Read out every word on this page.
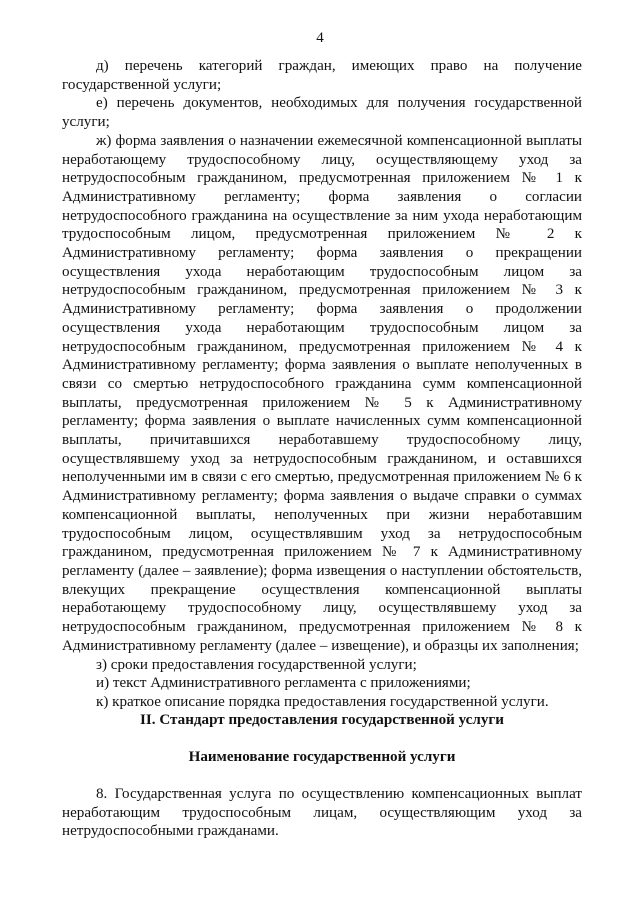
4

д) перечень категорий граждан, имеющих право на получение государственной услуги;

е) перечень документов, необходимых для получения государственной услуги;

ж) форма заявления о назначении ежемесячной компенсационной выплаты неработающему трудоспособному лицу, осуществляющему уход за нетрудоспособным гражданином, предусмотренная приложением № 1 к Административному регламенту; форма заявления о согласии нетрудоспособного гражданина на осуществление за ним ухода неработающим трудоспособным лицом, предусмотренная приложением № 2 к Административному регламенту; форма заявления о прекращении осуществления ухода неработающим трудоспособным лицом за нетрудоспособным гражданином, предусмотренная приложением № 3 к Административному регламенту; форма заявления о продолжении осуществления ухода неработающим трудоспособным лицом за нетрудоспособным гражданином, предусмотренная приложением № 4 к Административному регламенту; форма заявления о выплате неполученных в связи со смертью нетрудоспособного гражданина сумм компенсационной выплаты, предусмотренная приложением № 5 к Административному регламенту; форма заявления о выплате начисленных сумм компенсационной выплаты, причитавшихся неработавшему трудоспособному лицу, осуществлявшему уход за нетрудоспособным гражданином, и оставшихся неполученными им в связи с его смертью, предусмотренная приложением № 6 к Административному регламенту; форма заявления о выдаче справки о суммах компенсационной выплаты, неполученных при жизни неработавшим трудоспособным лицом, осуществлявшим уход за нетрудоспособным гражданином, предусмотренная приложением № 7 к Административному регламенту (далее – заявление); форма извещения о наступлении обстоятельств, влекущих прекращение осуществления компенсационной выплаты неработающему трудоспособному лицу, осуществлявшему уход за нетрудоспособным гражданином, предусмотренная приложением № 8 к Административному регламенту (далее – извещение), и образцы их заполнения;

з) сроки предоставления государственной услуги;

и) текст Административного регламента с приложениями;

к) краткое описание порядка предоставления государственной услуги.

II. Стандарт предоставления государственной услуги
Наименование государственной услуги

8. Государственная услуга по осуществлению компенсационных выплат неработающим трудоспособным лицам, осуществляющим уход за нетрудоспособными гражданами.
